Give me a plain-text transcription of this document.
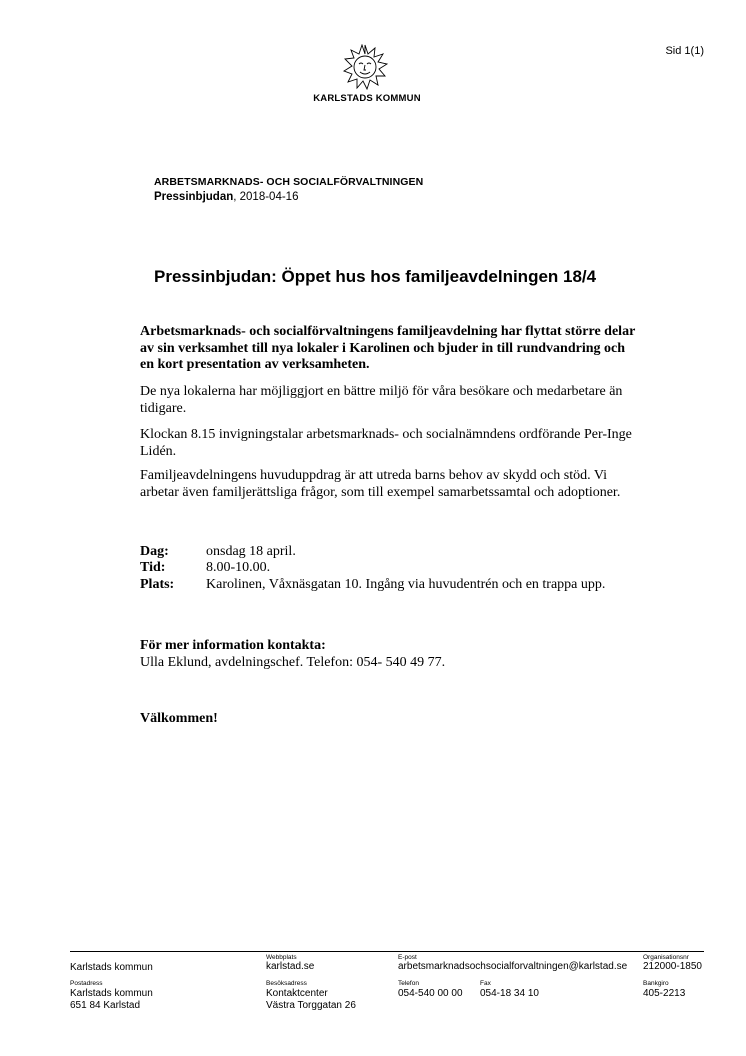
Sid 1(1)
KARLSTADS KOMMUN
ARBETSMARKNADS- OCH SOCIALFÖRVALTNINGEN
Pressinbjudan, 2018-04-16
Pressinbjudan: Öppet hus hos familjeavdelningen 18/4
Arbetsmarknads- och socialförvaltningens familjeavdelning har flyttat större delar av sin verksamhet till nya lokaler i Karolinen och bjuder in till rundvandring och en kort presentation av verksamheten.
De nya lokalerna har möjliggjort en bättre miljö för våra besökare och medarbetare än tidigare.
Klockan 8.15 invigningstalar arbetsmarknads- och socialnämndens ordförande Per-Inge Lidén.
Familjeavdelningens huvuduppdrag är att utreda barns behov av skydd och stöd. Vi arbetar även familjerättsliga frågor, som till exempel samarbetssamtal och adoptioner.
Dag:	onsdag 18 april.
Tid:	8.00-10.00.
Plats: Karolinen, Våxnäsgatan 10. Ingång via huvudentrén och en trappa upp.
För mer information kontakta:
Ulla Eklund, avdelningschef. Telefon: 054- 540 49 77.
Välkommen!
Karlstads kommun
Webbplats
karlstad.se
E-post
arbetsmarknadsochsocialforvaltningen@karlstad.se
Organisationsnr
212000-1850
Postadress
Karlstads kommun
651 84 Karlstad
Besöksadress
Kontaktcenter
Västra Torggatan 26
Telefon
054-540 00 00
Fax
054-18 34 10
Bankgiro
405-2213
